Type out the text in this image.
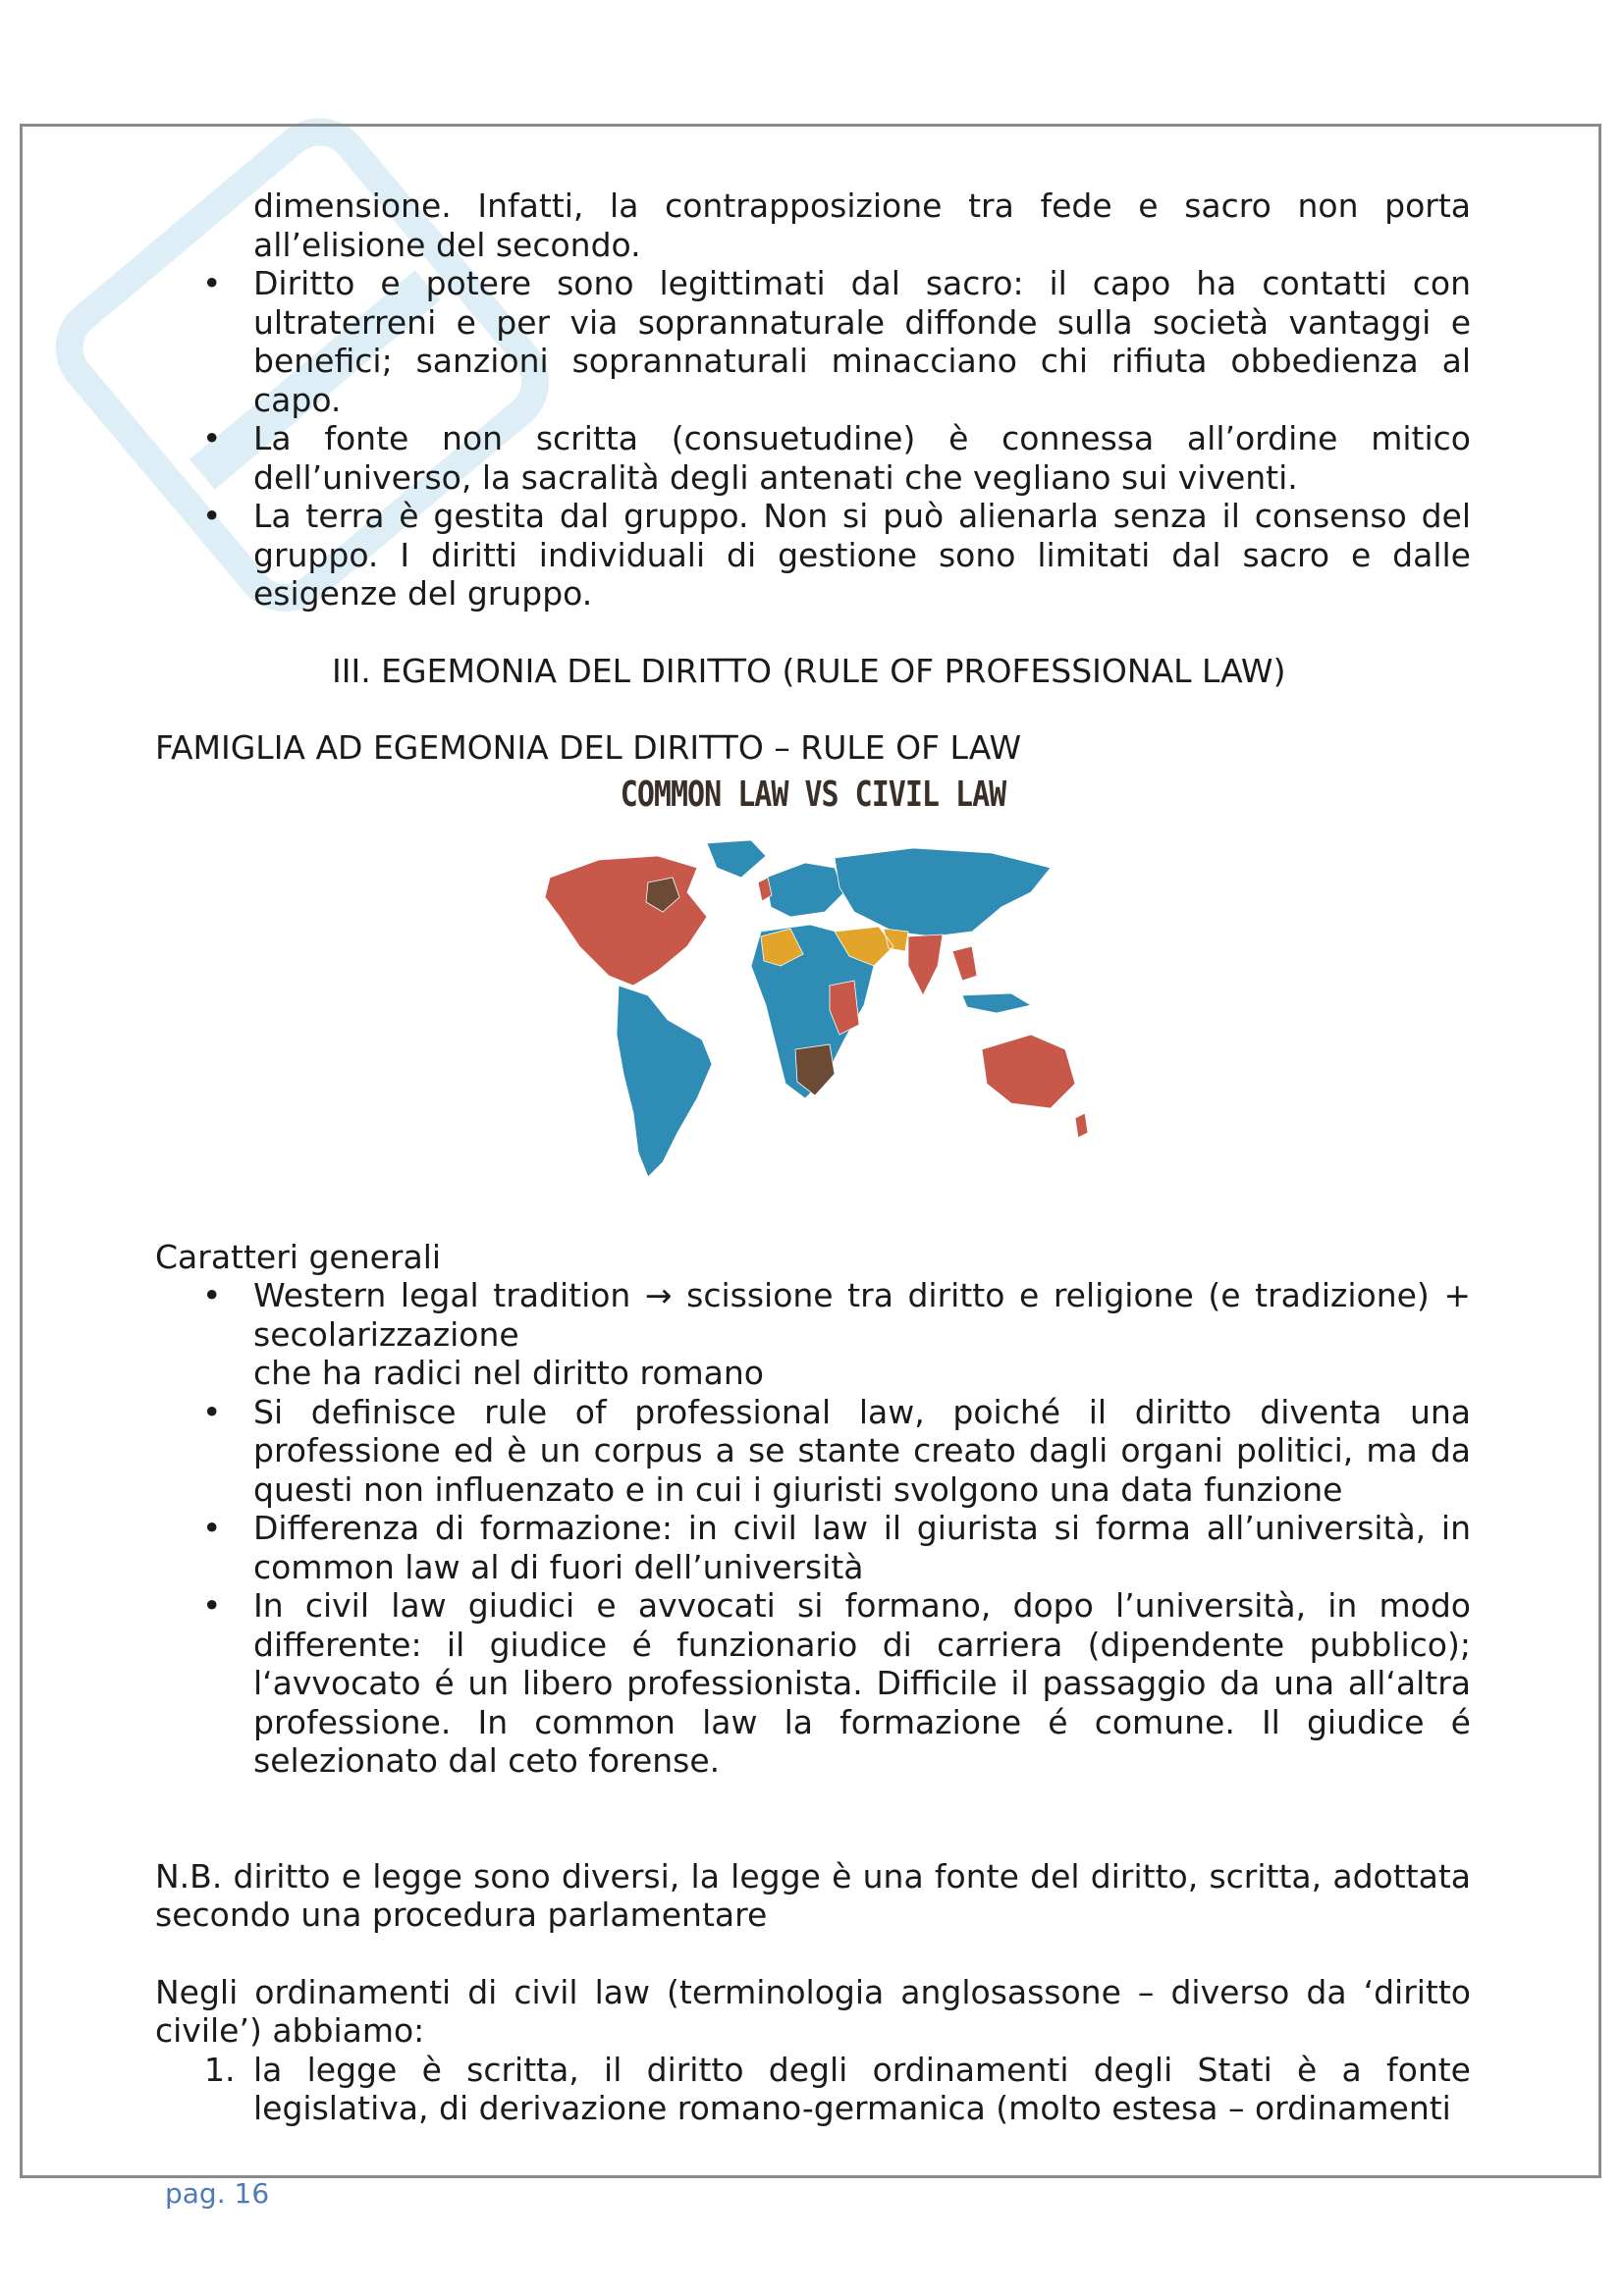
dimensione. Infatti, la contrapposizione tra fede e sacro non porta all’elisione del secondo.

• Diritto e potere sono legittimati dal sacro: il capo ha contatti con ultraterreni e per via soprannaturale diffonde sulla società vantaggi e benefici; sanzioni soprannaturali minacciano chi rifiuta obbedienza al capo.
• La fonte non scritta (consuetudine) è connessa all’ordine mitico dell’universo, la sacralità degli antenati che vegliano sui viventi.
• La terra è gestita dal gruppo. Non si può alienarla senza il consenso del gruppo. I diritti individuali di gestione sono limitati dal sacro e dalle esigenze del gruppo.

III. EGEMONIA DEL DIRITTO (RULE OF PROFESSIONAL LAW)

FAMIGLIA AD EGEMONIA DEL DIRITTO – RULE OF LAW

COMMON LAW VS CIVIL LAW

Caratteri generali

• Western legal tradition → scissione tra diritto e religione (e tradizione) + secolarizzazione
che ha radici nel diritto romano
• Si definisce rule of professional law, poiché il diritto diventa una professione ed è un corpus a se stante creato dagli organi politici, ma da questi non influenzato e in cui i giuristi svolgono una data funzione
• Differenza di formazione: in civil law il giurista si forma all’università, in common law al di fuori dell’università
• In civil law giudici e avvocati si formano, dopo l’università, in modo differente: il giudice é funzionario di carriera (dipendente pubblico); l‘avvocato é un libero professionista. Difficile il passaggio da una all‘altra professione. In common law la formazione é comune. Il giudice é selezionato dal ceto forense.

N.B. diritto e legge sono diversi, la legge è una fonte del diritto, scritta, adottata secondo una procedura parlamentare

Negli ordinamenti di civil law (terminologia anglosassone – diverso da ‘diritto civile’) abbiamo:

1. la legge è scritta, il diritto degli ordinamenti degli Stati è a fonte legislativa, di derivazione romano-germanica (molto estesa – ordinamenti
pag. 16
